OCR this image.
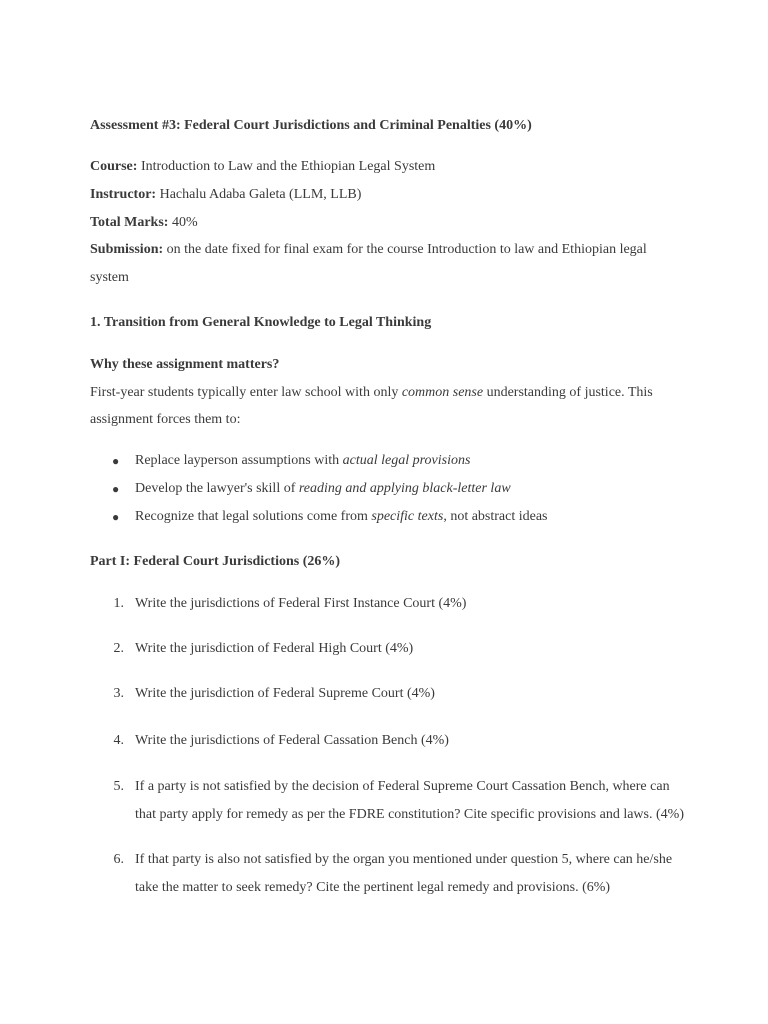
Assessment #3: Federal Court Jurisdictions and Criminal Penalties (40%)
Course: Introduction to Law and the Ethiopian Legal System
Instructor: Hachalu Adaba Galeta (LLM, LLB)
Total Marks: 40%
Submission: on the date fixed for final exam for the course Introduction to law and Ethiopian legal
system
1. Transition from General Knowledge to Legal Thinking
Why these assignment matters?
First-year students typically enter law school with only common sense understanding of justice. This
assignment forces them to:
● Replace layperson assumptions with actual legal provisions
● Develop the lawyer's skill of reading and applying black-letter law
● Recognize that legal solutions come from specific texts, not abstract ideas
Part I: Federal Court Jurisdictions (26%)
1. Write the jurisdictions of Federal First Instance Court (4%)
2. Write the jurisdiction of Federal High Court (4%)
3. Write the jurisdiction of Federal Supreme Court (4%)
4. Write the jurisdictions of Federal Cassation Bench (4%)
5. If a party is not satisfied by the decision of Federal Supreme Court Cassation Bench, where can
that party apply for remedy as per the FDRE constitution? Cite specific provisions and laws. (4%)
6. If that party is also not satisfied by the organ you mentioned under question 5, where can he/she
take the matter to seek remedy? Cite the pertinent legal remedy and provisions. (6%)
